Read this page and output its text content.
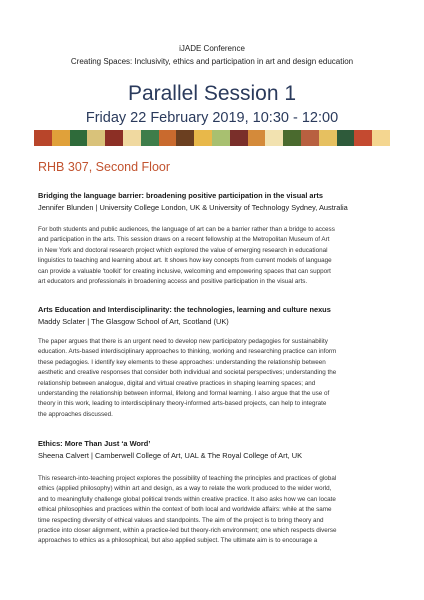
iJADE Conference
Creating Spaces: Inclusivity, ethics and participation in art and design education
Parallel Session 1
Friday 22 February 2019, 10:30 - 12:00
RHB 307, Second Floor
Bridging the language barrier: broadening positive participation in the visual arts
Jennifer Blunden | University College London, UK & University of Technology Sydney, Australia
For both students and public audiences, the language of art can be a barrier rather than a bridge to access
and participation in the arts. This session draws on a recent fellowship at the Metropolitan Museum of Art
in New York and doctoral research project which explored the value of emerging research in educational
linguistics to teaching and learning about art. It shows how key concepts from current models of language
can provide a valuable 'toolkit' for creating inclusive, welcoming and empowering spaces that can support
art educators and professionals in broadening access and positive participation in the visual arts.
Arts Education and Interdisciplinarity: the technologies, learning and culture nexus
Maddy Sclater | The Glasgow School of Art, Scotland (UK)
The paper argues that there is an urgent need to develop new participatory pedagogies for sustainability
education. Arts-based interdisciplinary approaches to thinking, working and researching practice can inform
these pedagogies. I identify key elements to these approaches: understanding the relationship between
aesthetic and creative responses that consider both individual and societal perspectives; understanding the
relationship between analogue, digital and virtual creative practices in shaping learning spaces; and
understanding the relationship between informal, lifelong and formal learning. I also argue that the use of
theory in this work, leading to interdisciplinary theory-informed arts-based projects, can help to integrate
the approaches discussed.
Ethics: More Than Just ‘a Word’
Sheena Calvert | Camberwell College of Art, UAL & The Royal College of Art, UK
This research-into-teaching project explores the possibility of teaching the principles and practices of global
ethics (applied philosophy) within art and design, as a way to relate the work produced to the wider world,
and to meaningfully challenge global political trends within creative practice. It also asks how we can locate
ethical philosophies and practices within the context of both local and worldwide affairs: while at the same
time respecting diversity of ethical values and standpoints. The aim of the project is to bring theory and
practice into closer alignment, within a practice-led but theory-rich environment; one which respects diverse
approaches to ethics as a philosophical, but also applied subject. The ultimate aim is to encourage a
